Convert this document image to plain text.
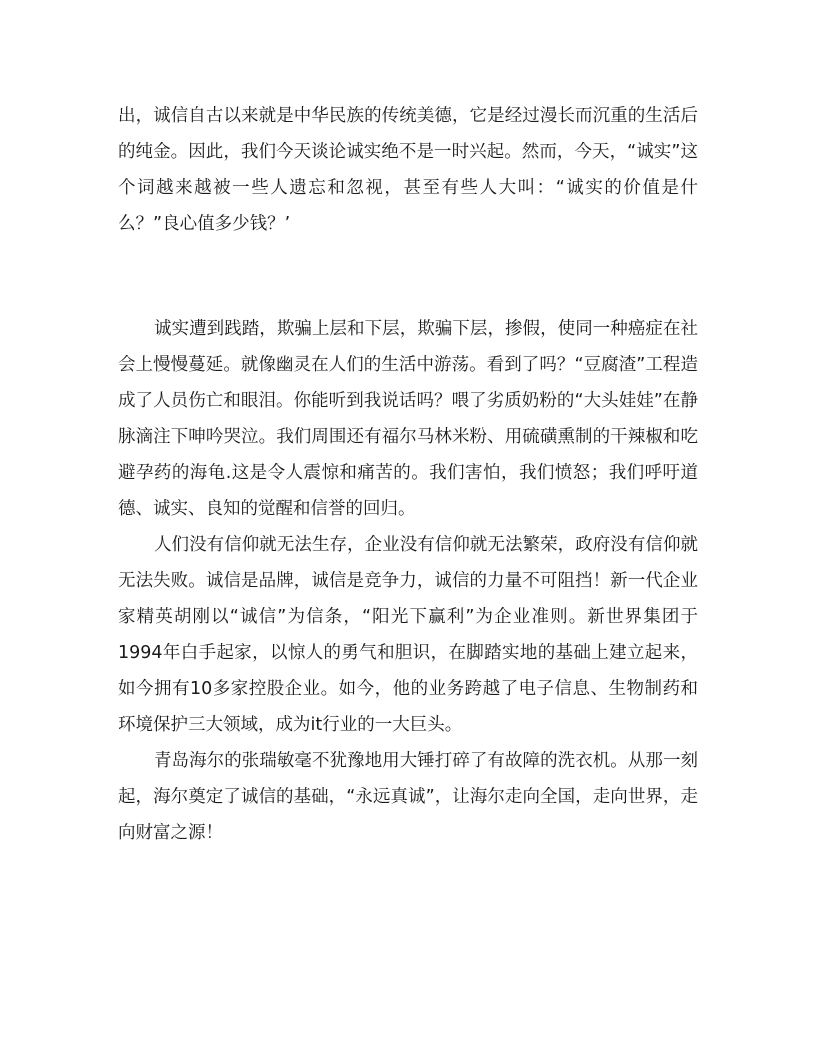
出，诚信自古以来就是中华民族的传统美德，它是经过漫长而沉重的生活后的纯金。因此，我们今天谈论诚实绝不是一时兴起。然而，今天，“诚实”这个词越来越被一些人遗忘和忽视，甚至有些人大叫：“诚实的价值是什么？”良心值多少钱？’

诚实遭到践踏，欺骗上层和下层，欺骗下层，掺假，使同一种癌症在社会上慢慢蔓延。就像幽灵在人们的生活中游荡。看到了吗？“豆腐渣”工程造成了人员伤亡和眼泪。你能听到我说话吗？喂了劣质奶粉的“大头娃娃”在静脉滴注下呻吟哭泣。我们周围还有福尔马林米粉、用硫磺熏制的干辣椒和吃避孕药的海龟.这是令人震惊和痛苦的。我们害怕，我们愤怒；我们呼吁道德、诚实、良知的觉醒和信誉的回归。

人们没有信仰就无法生存，企业没有信仰就无法繁荣，政府没有信仰就无法失败。诚信是品牌，诚信是竞争力，诚信的力量不可阻挡！新一代企业家精英胡刚以“诚信”为信条，“阳光下赢利”为企业准则。新世界集团于1994年白手起家，以惊人的勇气和胆识，在脚踏实地的基础上建立起来，如今拥有10多家控股企业。如今，他的业务跨越了电子信息、生物制药和环境保护三大领域，成为it行业的一大巨头。

青岛海尔的张瑞敏毫不犹豫地用大锤打碎了有故障的洗衣机。从那一刻起，海尔奠定了诚信的基础，“永远真诚”，让海尔走向全国，走向世界，走向财富之源！
